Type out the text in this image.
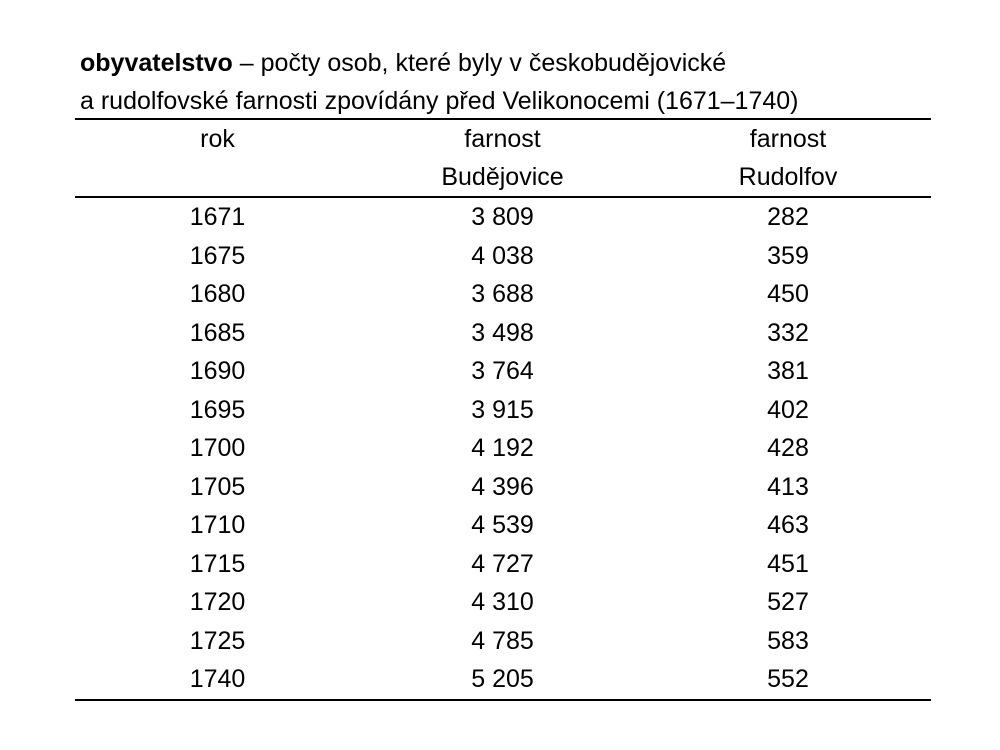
obyvatelstvo – počty osob, které byly v českobudějovické
a rudolfovské farnosti zpovídány před Velikonocemi (1671–1740)
rok	farnost	farnost
	Budějovice	Rudolfov
1671	3 809	282
1675	4 038	359
1680	3 688	450
1685	3 498	332
1690	3 764	381
1695	3 915	402
1700	4 192	428
1705	4 396	413
1710	4 539	463
1715	4 727	451
1720	4 310	527
1725	4 785	583
1740	5 205	552
